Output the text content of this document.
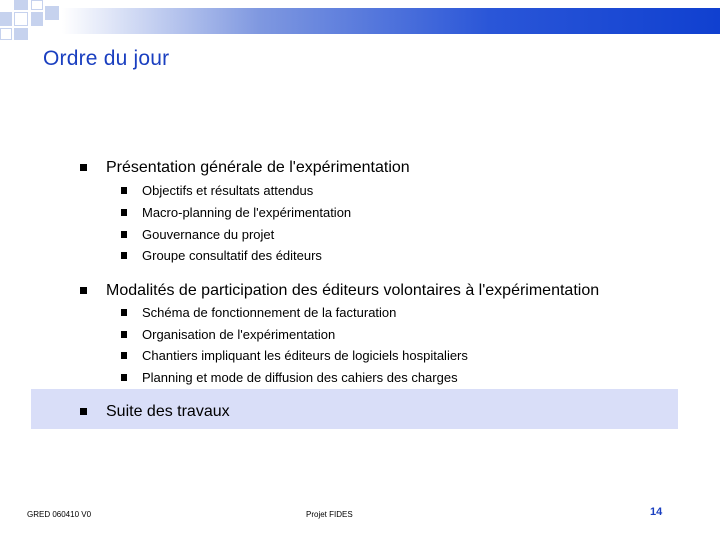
Ordre du jour
Présentation générale de l'expérimentation
Objectifs et résultats attendus
Macro-planning de l'expérimentation
Gouvernance du projet
Groupe consultatif des éditeurs
Modalités de participation des éditeurs volontaires à l'expérimentation
Schéma de fonctionnement de la facturation
Organisation de l'expérimentation
Chantiers impliquant les éditeurs de logiciels hospitaliers
Planning et mode de diffusion des cahiers des charges
Suite des travaux
GRED 060410 V0	Projet FIDES	14
